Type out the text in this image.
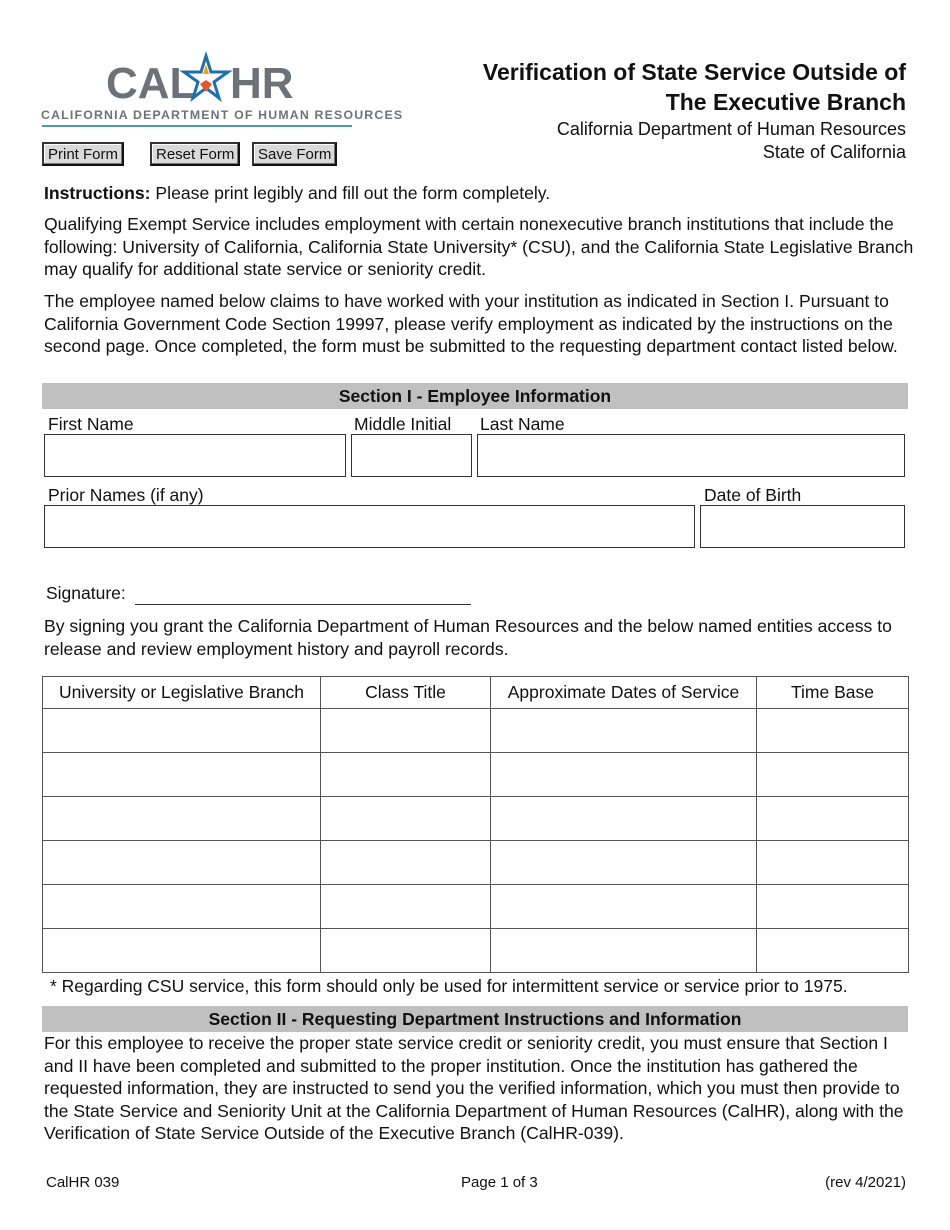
CAL HR
CALIFORNIA DEPARTMENT OF HUMAN RESOURCES
Verification of State Service Outside of
The Executive Branch
California Department of Human Resources
State of California
Print Form	Reset Form	Save Form
Instructions: Please print legibly and fill out the form completely.
Qualifying Exempt Service includes employment with certain nonexecutive branch institutions that include the following: University of California, California State University* (CSU), and the California State Legislative Branch may qualify for additional state service or seniority credit.
The employee named below claims to have worked with your institution as indicated in Section I. Pursuant to California Government Code Section 19997, please verify employment as indicated by the instructions on the second page. Once completed, the form must be submitted to the requesting department contact listed below.
Section I - Employee Information
First Name	Middle Initial Last Name
Prior Names (if any)	Date of Birth
Signature:
By signing you grant the California Department of Human Resources and the below named entities access to release and review employment history and payroll records.
University or Legislative Branch	Class Title	Approximate Dates of Service	Time Base

* Regarding CSU service, this form should only be used for intermittent service or service prior to 1975.
Section II - Requesting Department Instructions and Information
For this employee to receive the proper state service credit or seniority credit, you must ensure that Section I and II have been completed and submitted to the proper institution. Once the institution has gathered the requested information, they are instructed to send you the verified information, which you must then provide to the State Service and Seniority Unit at the California Department of Human Resources (CalHR), along with the Verification of State Service Outside of the Executive Branch (CalHR-039).
CalHR 039	Page 1 of 3	(rev 4/2021)
